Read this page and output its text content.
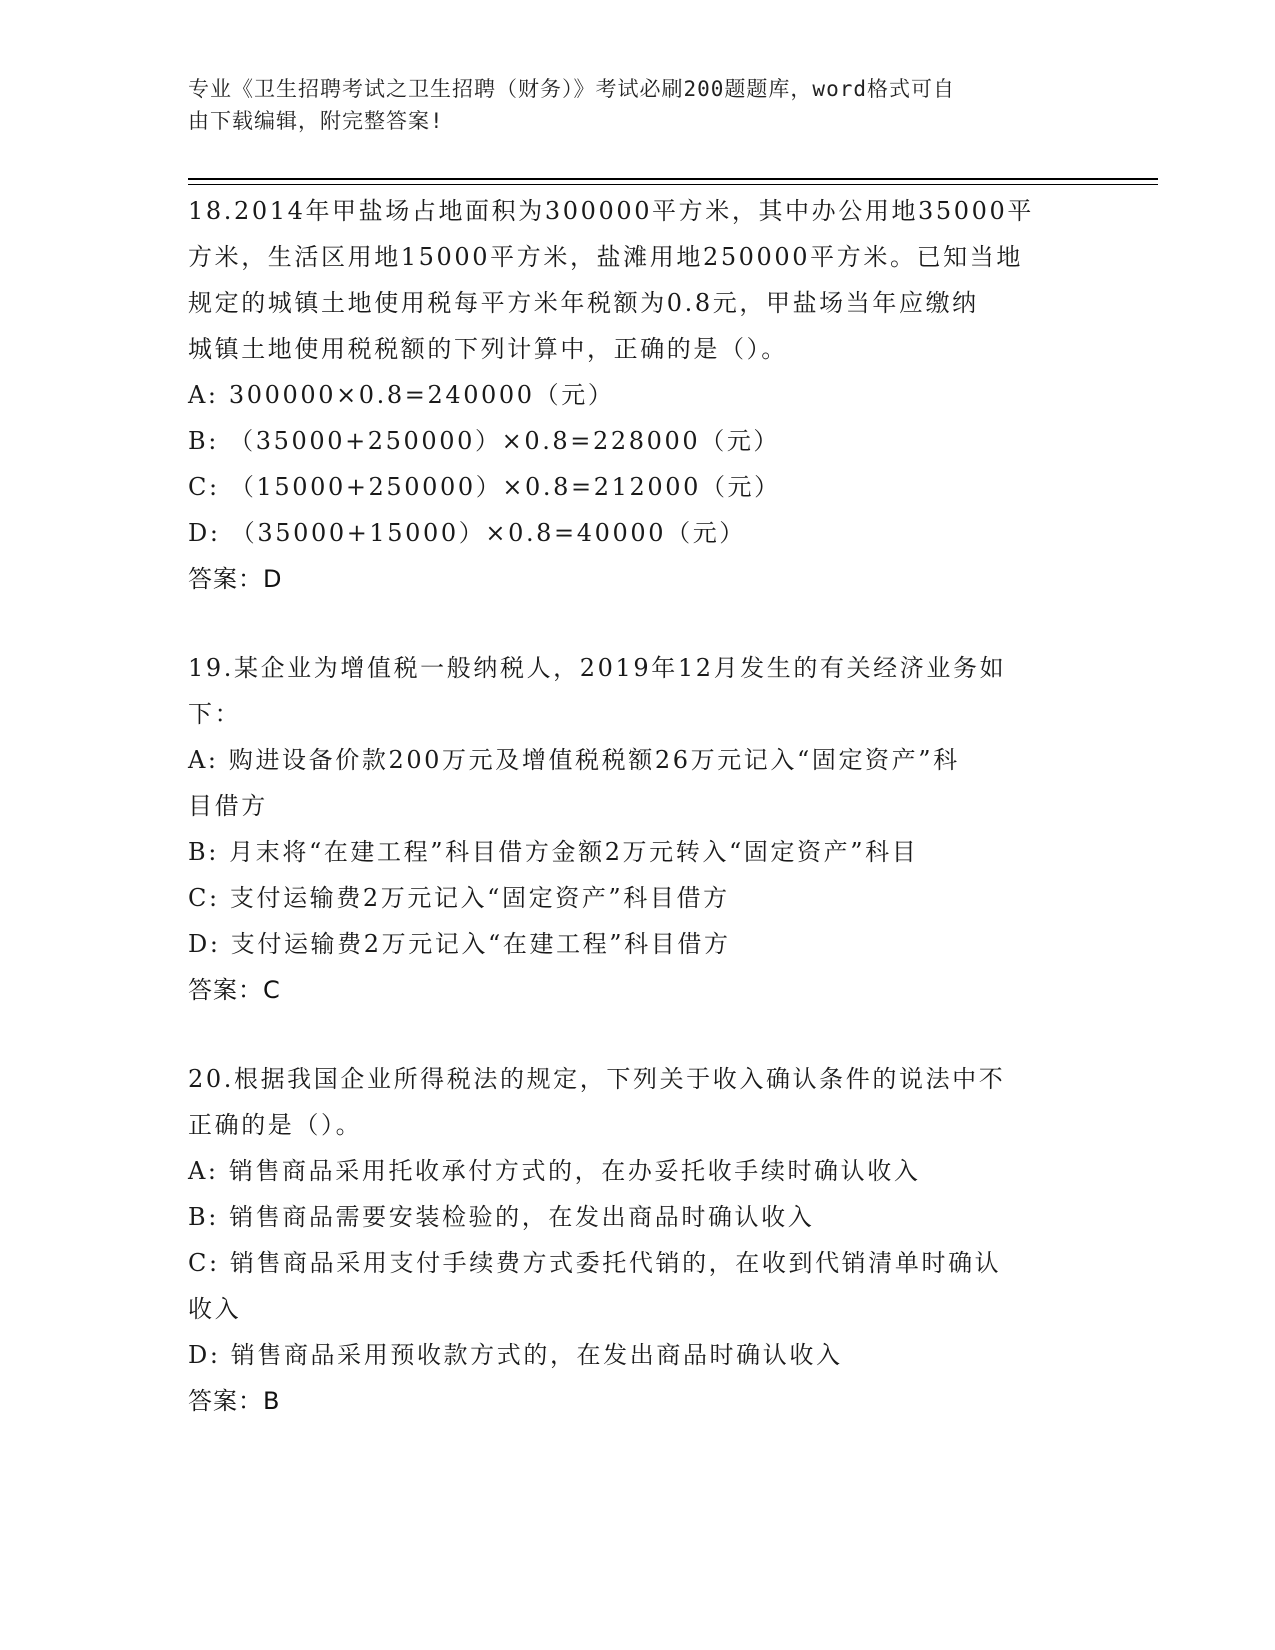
专业《卫生招聘考试之卫生招聘（财务）》考试必刷200题题库，word格式可自
由下载编辑，附完整答案!
18.2014年甲盐场占地面积为300000平方米，其中办公用地35000平
方米，生活区用地15000平方米，盐滩用地250000平方米。已知当地
规定的城镇土地使用税每平方米年税额为0.8元，甲盐场当年应缴纳
城镇土地使用税税额的下列计算中，正确的是（）。
A: 300000×0.8=240000（元）
B: （35000+250000）×0.8=228000（元）
C: （15000+250000）×0.8=212000（元）
D: （35000+15000）×0.8=40000（元）
答案：D
19.某企业为增值税一般纳税人，2019年12月发生的有关经济业务如
下：
A: 购进设备价款200万元及增值税税额26万元记入“固定资产”科
目借方
B: 月末将“在建工程”科目借方金额2万元转入“固定资产”科目
C: 支付运输费2万元记入“固定资产”科目借方
D: 支付运输费2万元记入“在建工程”科目借方
答案：C
20.根据我国企业所得税法的规定，下列关于收入确认条件的说法中不
正确的是（）。
A: 销售商品采用托收承付方式的，在办妥托收手续时确认收入
B: 销售商品需要安装检验的，在发出商品时确认收入
C: 销售商品采用支付手续费方式委托代销的，在收到代销清单时确认
收入
D: 销售商品采用预收款方式的，在发出商品时确认收入
答案：B
